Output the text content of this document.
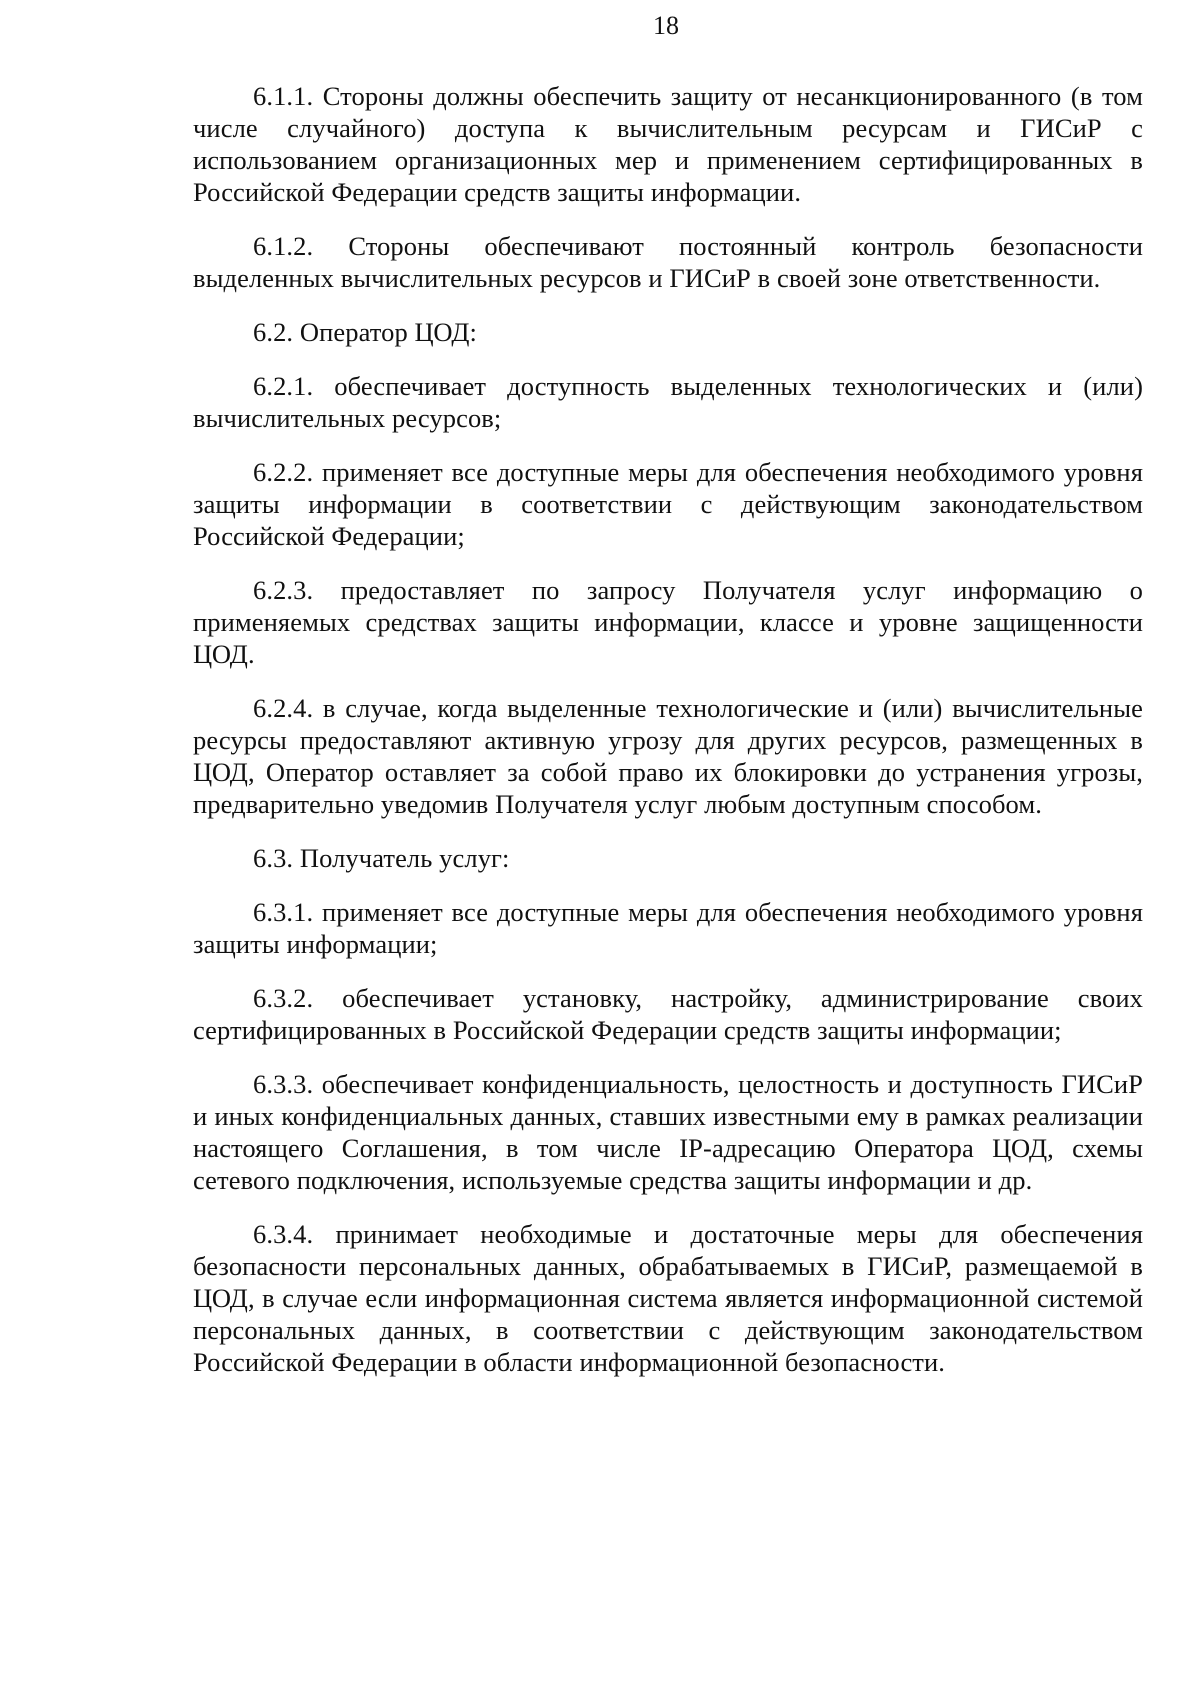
18

6.1.1. Стороны должны обеспечить защиту от несанкционированного (в том числе случайного) доступа к вычислительным ресурсам и ГИСиР с использованием организационных мер и применением сертифицированных в Российской Федерации средств защиты информации.

6.1.2. Стороны обеспечивают постоянный контроль безопасности выделенных вычислительных ресурсов и ГИСиР в своей зоне ответственности.

6.2. Оператор ЦОД:

6.2.1. обеспечивает доступность выделенных технологических и (или) вычислительных ресурсов;

6.2.2. применяет все доступные меры для обеспечения необходимого уровня защиты информации в соответствии с действующим законодательством Российской Федерации;

6.2.3. предоставляет по запросу Получателя услуг информацию о применяемых средствах защиты информации, классе и уровне защищенности ЦОД.

6.2.4. в случае, когда выделенные технологические и (или) вычислительные ресурсы предоставляют активную угрозу для других ресурсов, размещенных в ЦОД, Оператор оставляет за собой право их блокировки до устранения угрозы, предварительно уведомив Получателя услуг любым доступным способом.

6.3. Получатель услуг:

6.3.1. применяет все доступные меры для обеспечения необходимого уровня защиты информации;

6.3.2. обеспечивает установку, настройку, администрирование своих сертифицированных в Российской Федерации средств защиты информации;

6.3.3. обеспечивает конфиденциальность, целостность и доступность ГИСиР и иных конфиденциальных данных, ставших известными ему в рамках реализации настоящего Соглашения, в том числе IP-адресацию Оператора ЦОД, схемы сетевого подключения, используемые средства защиты информации и др.

6.3.4. принимает необходимые и достаточные меры для обеспечения безопасности персональных данных, обрабатываемых в ГИСиР, размещаемой в ЦОД, в случае если информационная система является информационной системой персональных данных, в соответствии с действующим законодательством Российской Федерации в области информационной безопасности.
